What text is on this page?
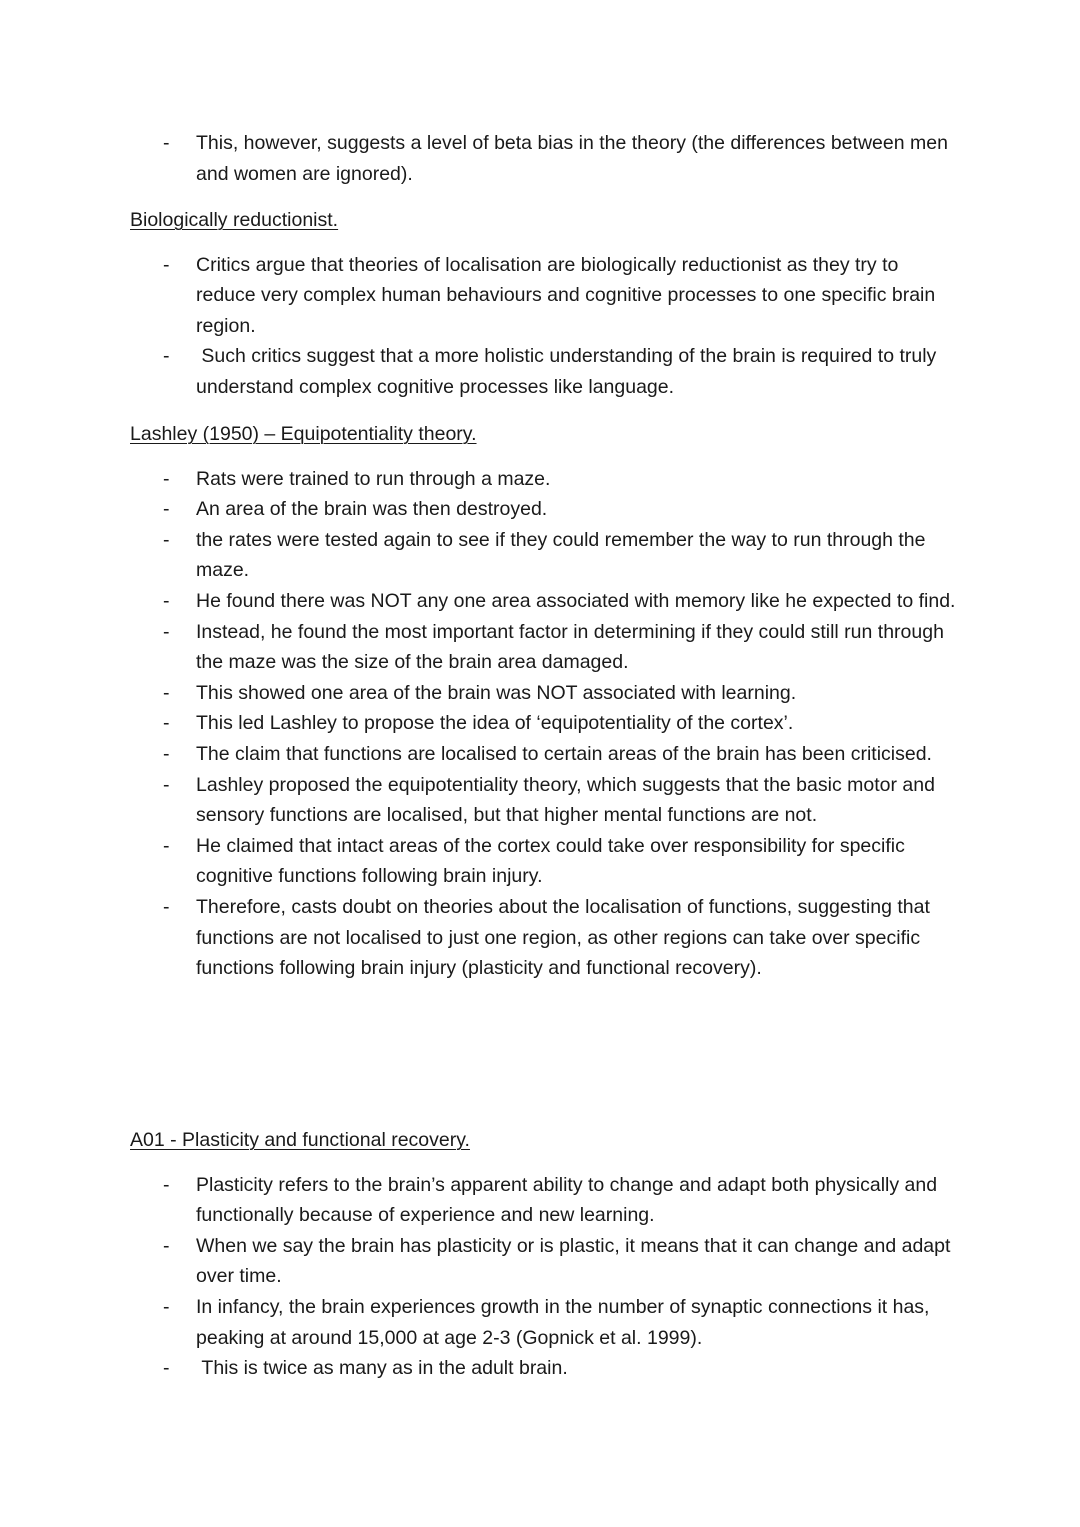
- This, however, suggests a level of beta bias in the theory (the differences between men and women are ignored).
Biologically reductionist.
- Critics argue that theories of localisation are biologically reductionist as they try to reduce very complex human behaviours and cognitive processes to one specific brain region.
- Such critics suggest that a more holistic understanding of the brain is required to truly understand complex cognitive processes like language.
Lashley (1950) – Equipotentiality theory.
- Rats were trained to run through a maze.
- An area of the brain was then destroyed.
- the rates were tested again to see if they could remember the way to run through the maze.
- He found there was NOT any one area associated with memory like he expected to find.
- Instead, he found the most important factor in determining if they could still run through the maze was the size of the brain area damaged.
- This showed one area of the brain was NOT associated with learning.
- This led Lashley to propose the idea of ‘equipotentiality of the cortex’.
- The claim that functions are localised to certain areas of the brain has been criticised.
- Lashley proposed the equipotentiality theory, which suggests that the basic motor and sensory functions are localised, but that higher mental functions are not.
- He claimed that intact areas of the cortex could take over responsibility for specific cognitive functions following brain injury.
- Therefore, casts doubt on theories about the localisation of functions, suggesting that functions are not localised to just one region, as other regions can take over specific functions following brain injury (plasticity and functional recovery).
A01 - Plasticity and functional recovery.
- Plasticity refers to the brain’s apparent ability to change and adapt both physically and functionally because of experience and new learning.
- When we say the brain has plasticity or is plastic, it means that it can change and adapt over time.
- In infancy, the brain experiences growth in the number of synaptic connections it has, peaking at around 15,000 at age 2-3 (Gopnick et al. 1999).
- This is twice as many as in the adult brain.
